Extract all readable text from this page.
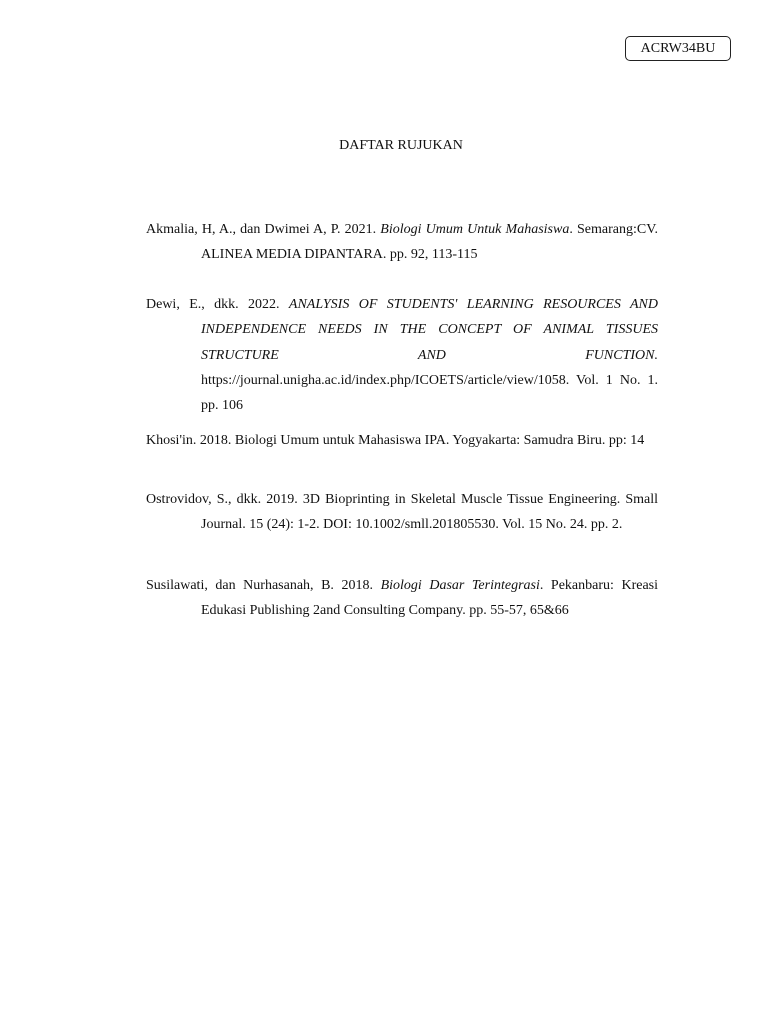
ACRW34BU
DAFTAR RUJUKAN
Akmalia, H, A., dan Dwimei A, P. 2021. Biologi Umum Untuk Mahasiswa. Semarang:CV. ALINEA MEDIA DIPANTARA. pp. 92, 113-115
Dewi, E., dkk. 2022. ANALYSIS OF STUDENTS' LEARNING RESOURCES AND INDEPENDENCE NEEDS IN THE CONCEPT OF ANIMAL TISSUES STRUCTURE AND FUNCTION. https://journal.unigha.ac.id/index.php/ICOETS/article/view/1058. Vol. 1 No. 1. pp. 106
Khosi'in. 2018. Biologi Umum untuk Mahasiswa IPA. Yogyakarta: Samudra Biru. pp: 14
Ostrovidov, S., dkk. 2019. 3D Bioprinting in Skeletal Muscle Tissue Engineering. Small Journal. 15 (24): 1-2. DOI: 10.1002/smll.201805530. Vol. 15 No. 24. pp. 2.
Susilawati, dan Nurhasanah, B. 2018. Biologi Dasar Terintegrasi. Pekanbaru: Kreasi Edukasi Publishing 2and Consulting Company. pp. 55-57, 65&66
